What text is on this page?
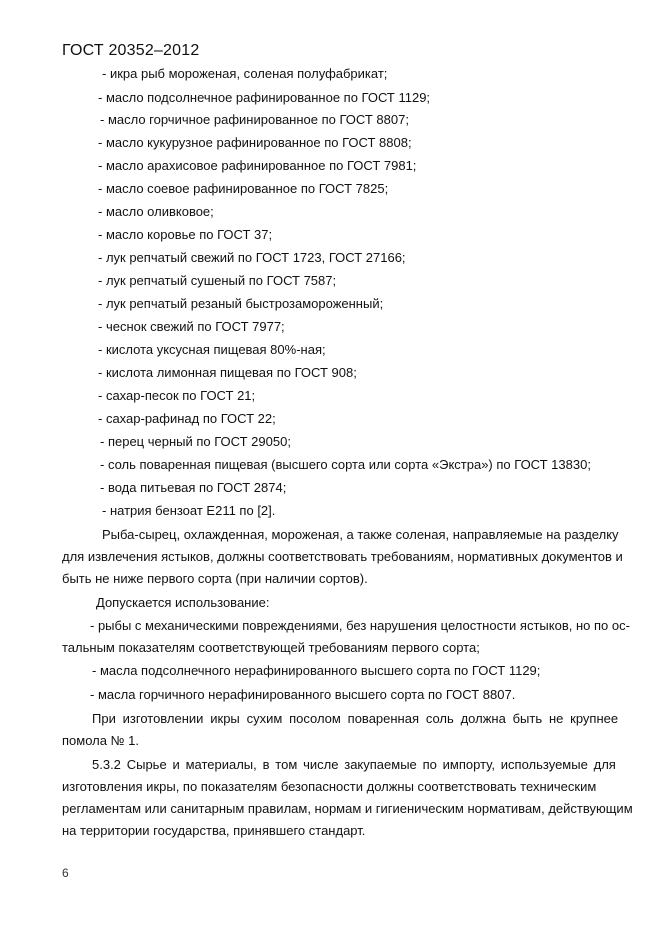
ГОСТ 20352–2012
- икра рыб мороженая, соленая полуфабрикат;
- масло подсолнечное рафинированное по ГОСТ 1129;
- масло горчичное рафинированное по ГОСТ 8807;
- масло кукурузное рафинированное по ГОСТ 8808;
- масло арахисовое рафинированное по ГОСТ 7981;
- масло соевое рафинированное по ГОСТ 7825;
- масло оливковое;
- масло коровье по ГОСТ 37;
- лук репчатый свежий по ГОСТ 1723, ГОСТ 27166;
- лук репчатый сушеный по ГОСТ 7587;
- лук репчатый резаный быстрозамороженный;
- чеснок свежий по ГОСТ 7977;
- кислота уксусная пищевая 80%-ная;
- кислота лимонная пищевая по ГОСТ 908;
- сахар-песок по ГОСТ 21;
- сахар-рафинад по ГОСТ 22;
- перец черный по ГОСТ 29050;
- соль поваренная пищевая (высшего сорта или сорта «Экстра») по ГОСТ 13830;
- вода питьевая по ГОСТ 2874;
- натрия бензоат Е211 по [2].
Рыба-сырец, охлажденная, мороженая, а также соленая, направляемые на разделку
для извлечения ястыков, должны соответствовать требованиям, нормативных документов и
быть не ниже первого сорта (при наличии сортов).
Допускается использование:
- рыбы с механическими повреждениями, без нарушения целостности ястыков, но по ос-
тальным показателям соответствующей требованиям первого сорта;
- масла подсолнечного нерафинированного высшего сорта по ГОСТ 1129;
- масла горчичного нерафинированного высшего сорта по ГОСТ 8807.
При изготовлении икры сухим посолом поваренная соль должна быть не крупнее
помола № 1.
5.3.2 Сырье и материалы, в том числе закупаемые по импорту, используемые для
изготовления икры, по показателям безопасности должны соответствовать техническим
регламентам или санитарным правилам, нормам и гигиеническим нормативам, действующим
на территории государства, принявшего стандарт.
6
